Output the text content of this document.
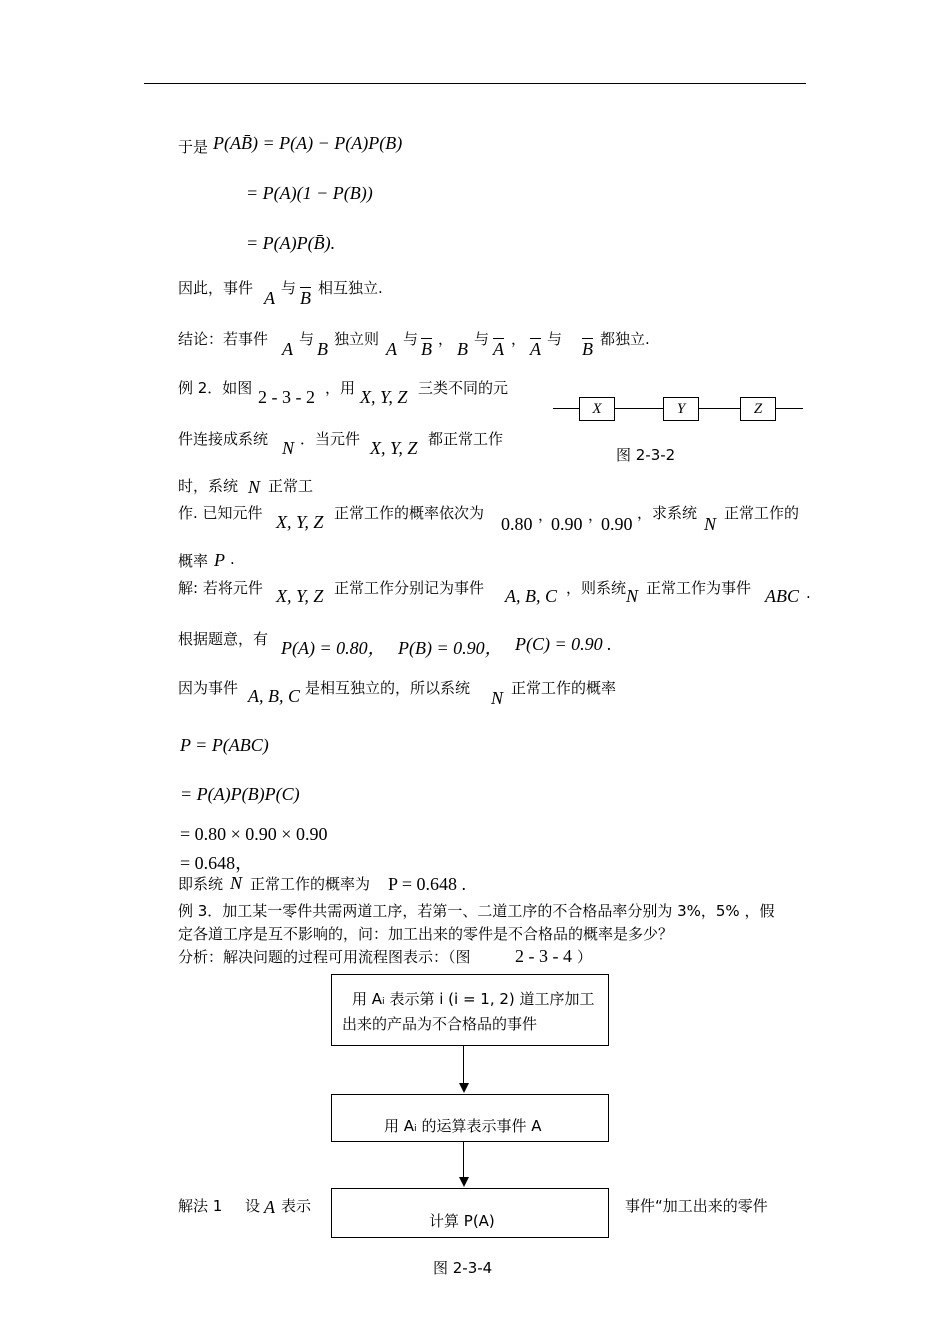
于是 P(AB̄) = P(A) − P(A)P(B)
= P(A)(1 − P(B))
= P(A)P(B̄).
因此，事件 A 与 $\overline{B}$ 相互独立.
结论：若事件 A 与 B 独立则 A 与 $\overline{B}$ ， B 与 $\overline{A}$ ， $\overline{A}$ 与 $\overline{B}$ 都独立.
例 2．如图 2 - 3 - 2 ，用 X, Y, Z 三类不同的元
件连接成系统 N ．当元件 X, Y, Z 都正常工作
时，系统 N 正常工
作. 已知元件 X, Y, Z 正常工作的概率依次为
0.80 ，
0.90 ，
0.90
，求系统
N
正常工作的
概率 P .
X	Y	Z
图 2-3-2
解: 若将元件 X, Y, Z 正常工作分别记为事件 A, B, C ，则系统 N 正常工作为事件 ABC .
根据题意，有 P(A) = 0.80， P(B) = 0.90， P(C) = 0.90 .
因为事件 A, B, C 是相互独立的，所以系统 N 正常工作的概率
P = P(ABC)
= P(A)P(B)P(C)
= 0.80 × 0.90 × 0.90
= 0.648，
即系统 N 正常工作的概率为 P = 0.648 .
例 3．加工某一零件共需两道工序，若第一、二道工序的不合格品率分别为 3%，5% ，假
定各道工序是互不影响的，问：加工出来的零件是不合格品的概率是多少？
分析：解决问题的过程可用流程图表示：（图 2 - 3 - 4 ）
用 Aᵢ 表示第 i (i = 1, 2) 道工序加工
出来的产品为不合格品的事件
用 Aᵢ 的运算表示事件 A
计算 P(A)
图 2-3-4
解法 1 设 A 表示	事件“加工出来的零件
